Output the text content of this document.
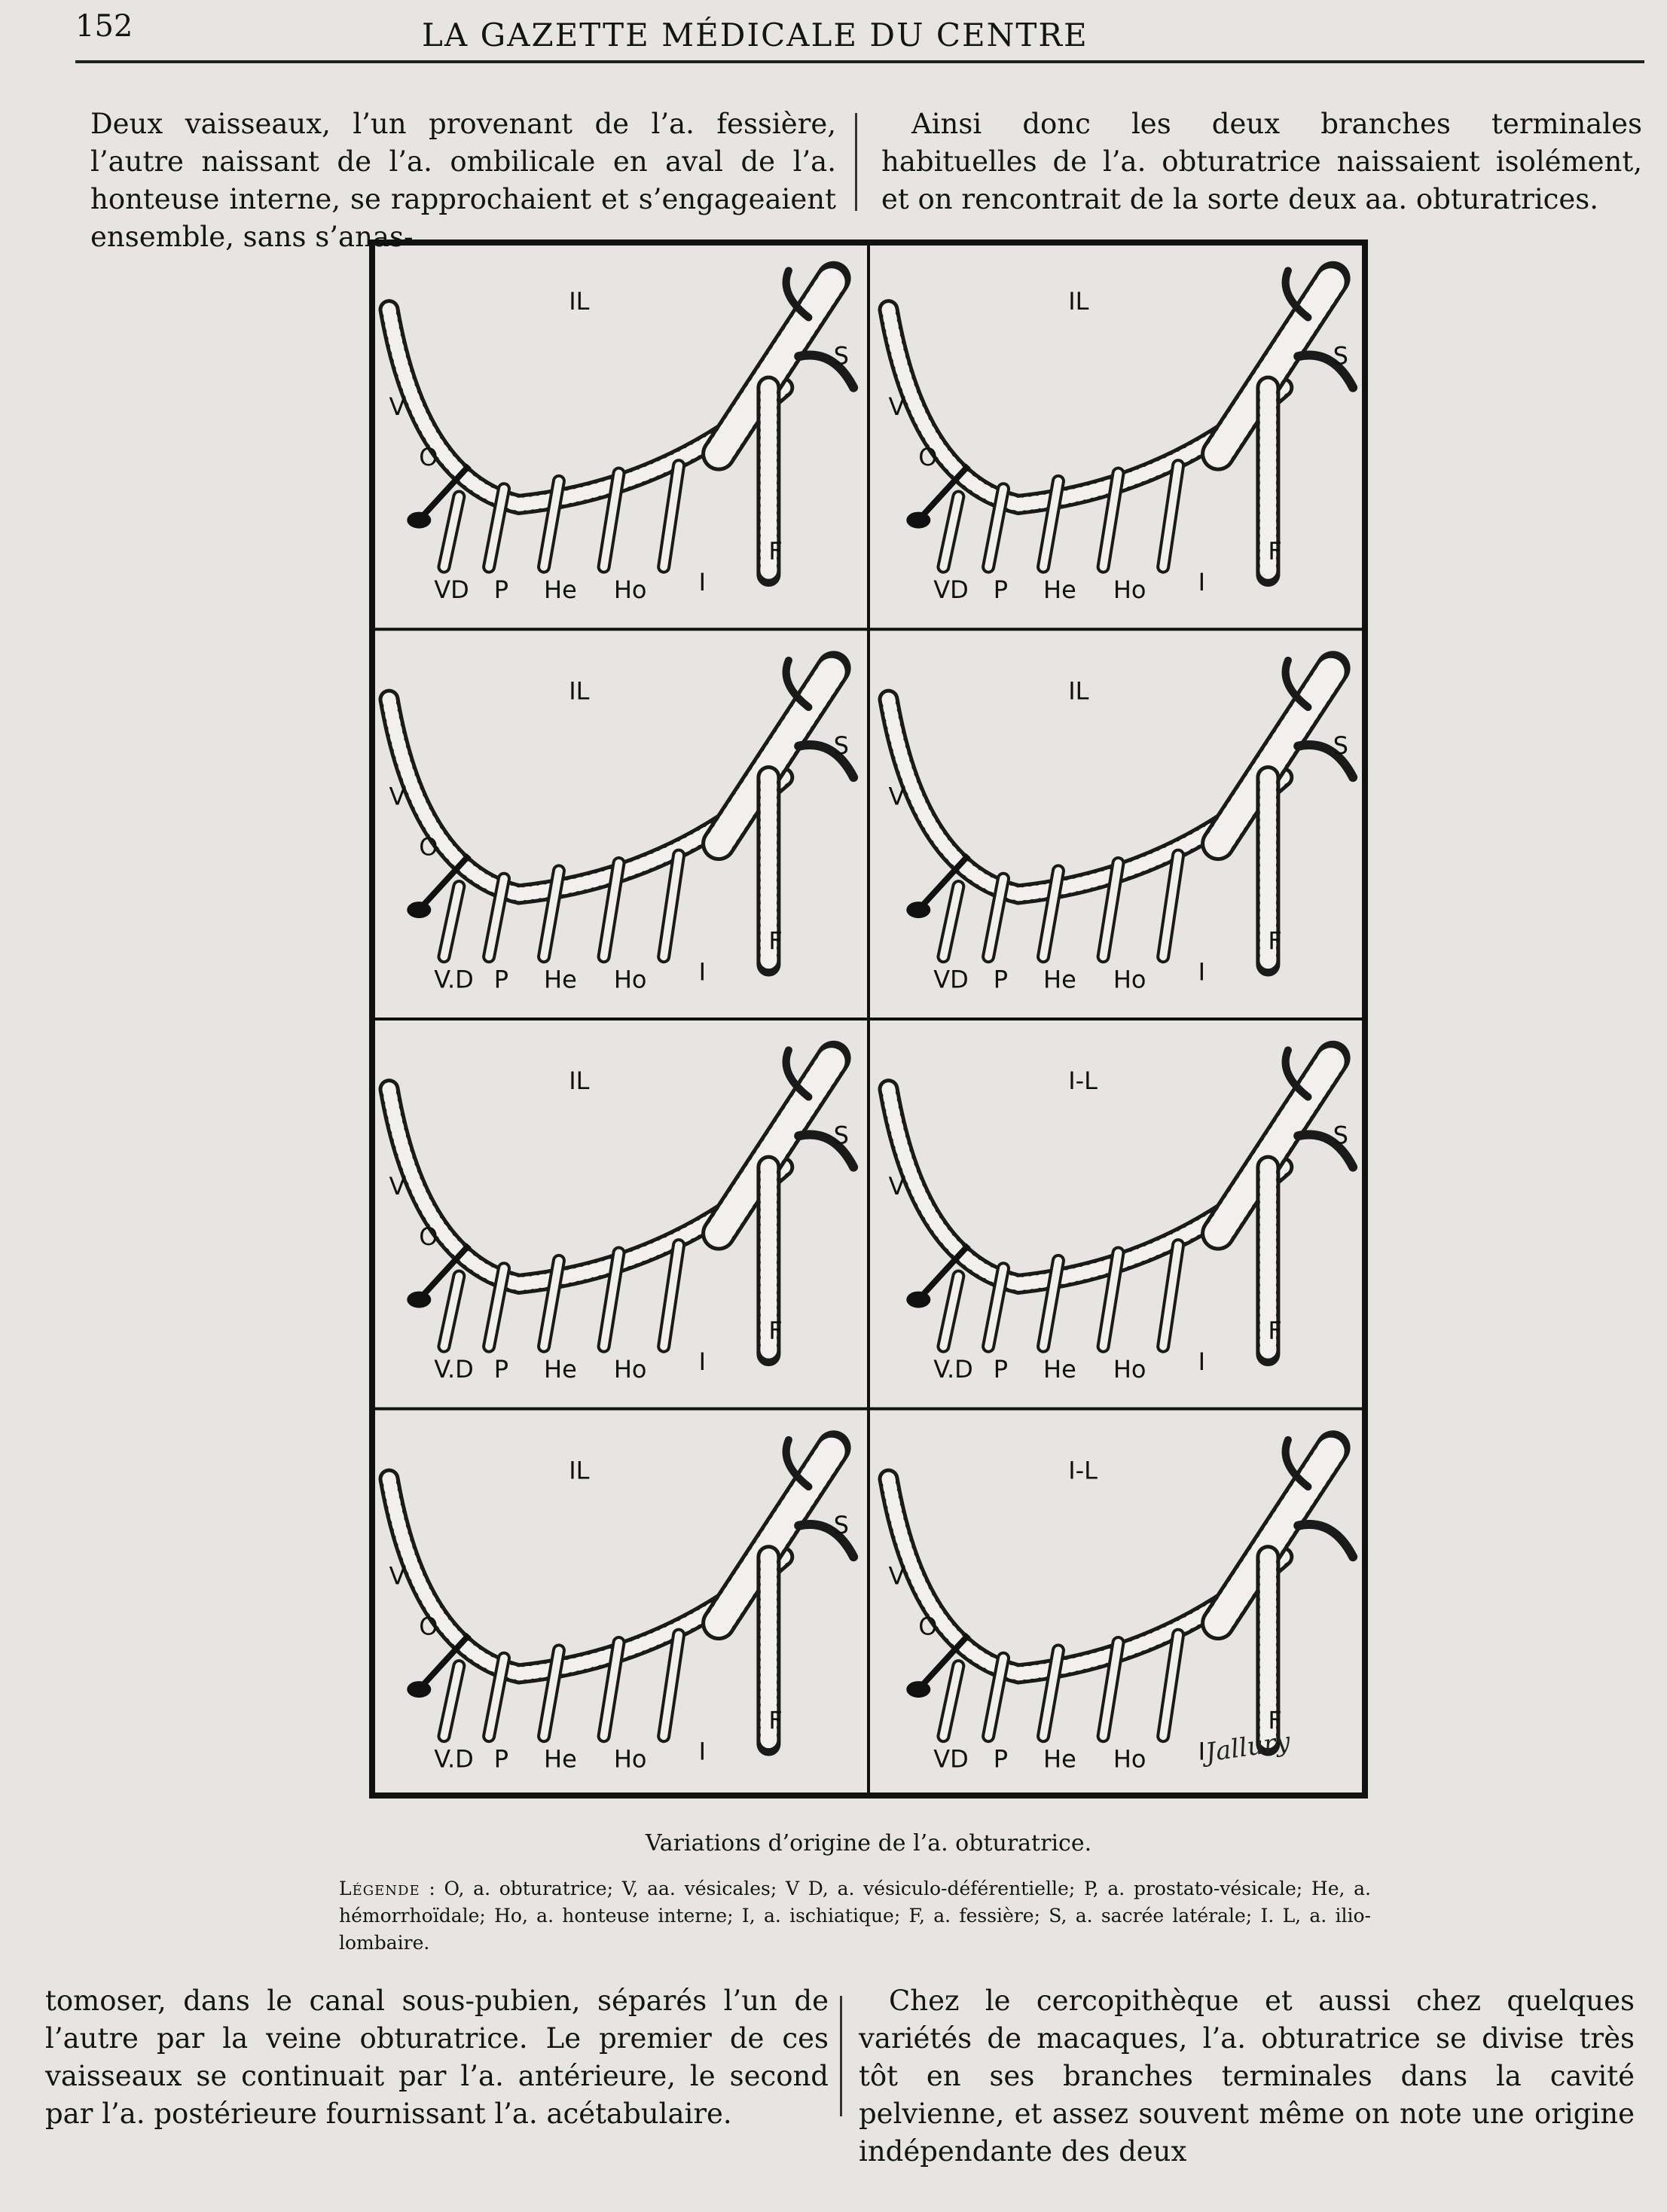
152	LA GAZETTE MÉDICALE DU CENTRE

Deux vaisseaux, l’un provenant de l’a. fessière, l’autre naissant de l’a. ombilicale en aval de l’a. honteuse interne, se rapprochaient et s’engageaient ensemble, sans s’anas-

Ainsi donc les deux branches terminales habituelles de l’a. obturatrice naissaient isolément, et on rencontrait de la sorte deux aa. obturatrices.

IL
S
V
O
VD P He Ho I
F
IL
S
V
O
VD P He Ho I
F
IL
S
V
O
V.D P He Ho I
F
IL
S
V
VD P He Ho I
F
IL
S
V
O
V.D P He Ho I
F
I-L
S
V
V.D P He Ho I
F
IL
S
V
O
V.D P He Ho I
F
I-L
V
O
VD P He Ho I
F
Jallury
Variations d’origine de l’a. obturatrice.
Légende : O, a. obturatrice; V, aa. vésicales; V D, a. vésiculo-déférentielle; P, a. prostato-vésicale; He, a. hémorrhoïdale; Ho, a. honteuse interne; I, a. ischiatique; F, a. fessière; S, a. sacrée latérale; I. L, a. ilio-lombaire.

tomoser, dans le canal sous-pubien, séparés l’un de l’autre par la veine obturatrice. Le premier de ces vaisseaux se continuait par l’a. antérieure, le second par l’a. postérieure fournissant l’a. acétabulaire.

Chez le cercopithèque et aussi chez quelques variétés de macaques, l’a. obturatrice se divise très tôt en ses branches terminales dans la cavité pelvienne, et assez souvent même on note une origine indépendante des deux
